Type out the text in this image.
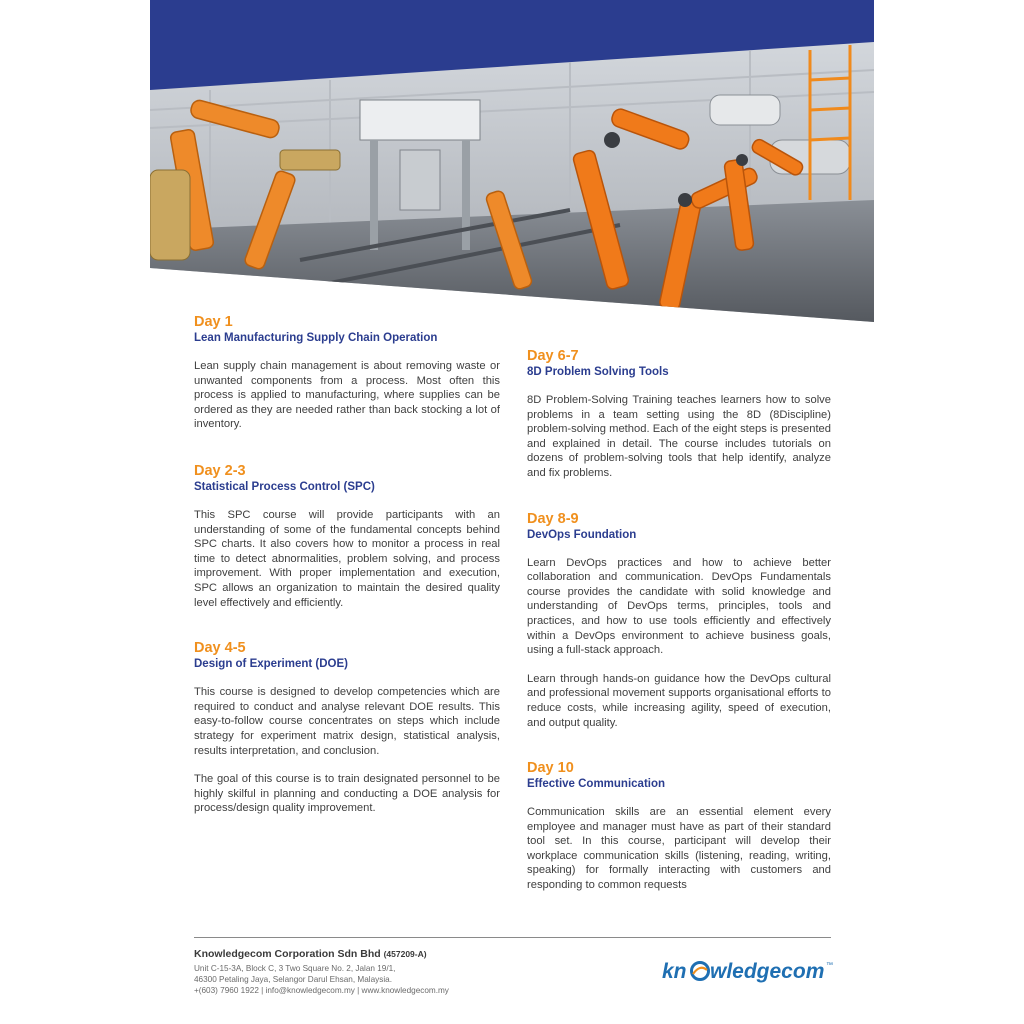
Day 1

Lean Manufacturing Supply Chain Operation

Lean supply chain management is about removing waste or unwanted components from a process. Most often this process is applied to manufacturing, where supplies can be ordered as they are needed rather than back stocking a lot of inventory.

Day 2-3

Statistical Process Control (SPC)

This SPC course will provide participants with an understanding of some of the fundamental concepts behind SPC charts. It also covers how to monitor a process in real time to detect abnormalities, problem solving, and process improvement. With proper implementation and execution, SPC allows an organization to maintain the desired quality level effectively and efficiently.

Day 4-5

Design of Experiment (DOE)

This course is designed to develop competencies which are required to conduct and analyse relevant DOE results. This easy-to-follow course concentrates on steps which include strategy for experiment matrix design, statistical analysis, results interpretation, and conclusion.

The goal of this course is to train designated personnel to be highly skilful in planning and conducting a DOE analysis for process/design quality improvement.

Day 6-7

8D Problem Solving Tools

8D Problem-Solving Training teaches learners how to solve problems in a team setting using the 8D (8Discipline) problem-solving method. Each of the eight steps is presented and explained in detail. The course includes tutorials on dozens of problem-solving tools that help identify, analyze and fix problems.

Day 8-9

DevOps Foundation

Learn DevOps practices and how to achieve better collaboration and communication. DevOps Fundamentals course provides the candidate with solid knowledge and understanding of DevOps terms, principles, tools and practices, and how to use tools efficiently and effectively within a DevOps environment to achieve business goals, using a full-stack approach.

Learn through hands-on guidance how the DevOps cultural and professional movement supports organisational efforts to reduce costs, while increasing agility, speed of execution, and output quality.

Day 10

Effective Communication

Communication skills are an essential element every employee and manager must have as part of their standard tool set. In this course, participant will develop their workplace communication skills (listening, reading, writing, speaking) for formally interacting with customers and responding to common requests

Knowledgecom Corporation Sdn Bhd (457209-A)

Unit C-15-3A, Block C, 3 Two Square No. 2, Jalan 19/1,

46300 Petaling Jaya, Selangor Darul Ehsan, Malaysia.

+(603) 7960 1922 | info@knowledgecom.my | www.knowledgecom.my

kn wledgecom ™
